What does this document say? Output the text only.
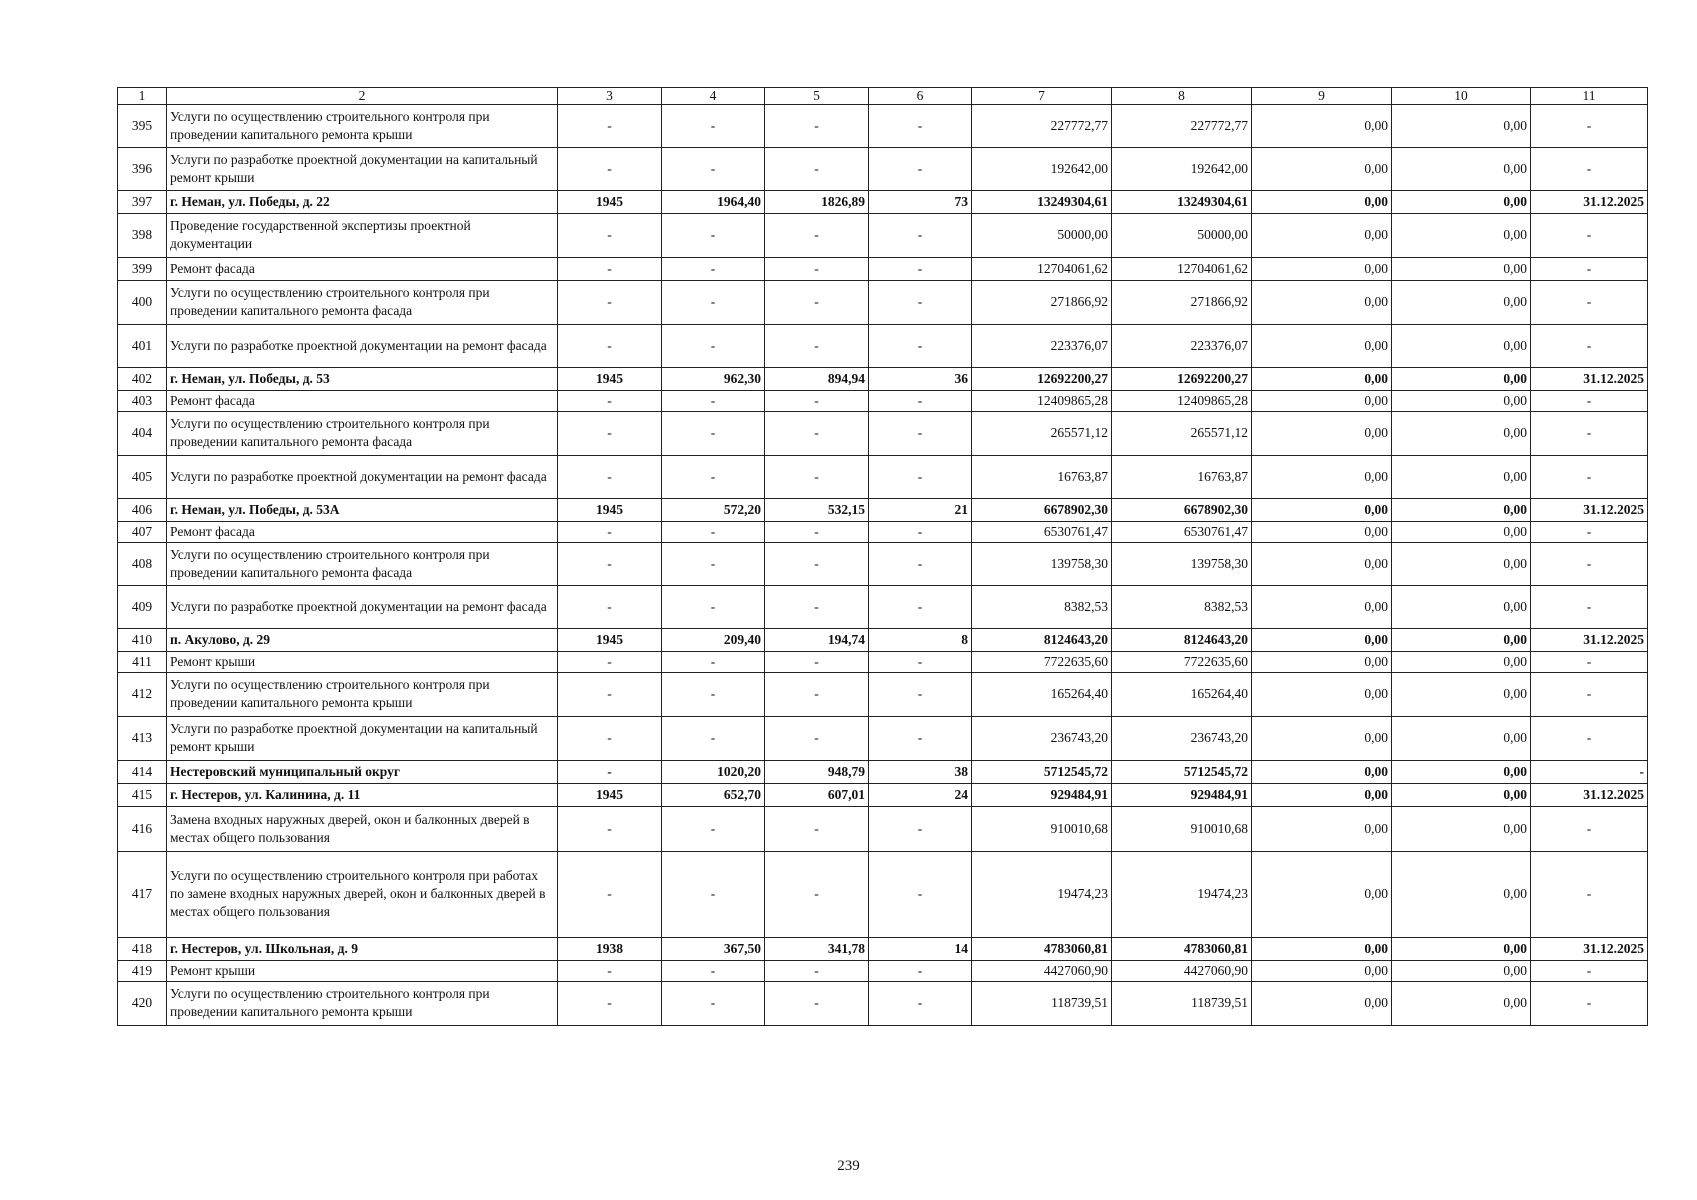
1	2	3	4	5	6	7	8	9	10	11
395	Услуги по осуществлению строительного контроля при проведении капитального ремонта крыши	-	-	-	-	227772,77	227772,77	0,00	0,00	-
396	Услуги по разработке проектной документации на капитальный ремонт крыши	-	-	-	-	192642,00	192642,00	0,00	0,00	-
397	г. Неман, ул. Победы, д. 22	1945	1964,40	1826,89	73	13249304,61	13249304,61	0,00	0,00	31.12.2025
398	Проведение государственной экспертизы проектной документации	-	-	-	-	50000,00	50000,00	0,00	0,00	-
399	Ремонт фасада	-	-	-	-	12704061,62	12704061,62	0,00	0,00	-
400	Услуги по осуществлению строительного контроля при проведении капитального ремонта фасада	-	-	-	-	271866,92	271866,92	0,00	0,00	-
401	Услуги по разработке проектной документации на ремонт фасада	-	-	-	-	223376,07	223376,07	0,00	0,00	-
402	г. Неман, ул. Победы, д. 53	1945	962,30	894,94	36	12692200,27	12692200,27	0,00	0,00	31.12.2025
403	Ремонт фасада	-	-	-	-	12409865,28	12409865,28	0,00	0,00	-
404	Услуги по осуществлению строительного контроля при проведении капитального ремонта фасада	-	-	-	-	265571,12	265571,12	0,00	0,00	-
405	Услуги по разработке проектной документации на ремонт фасада	-	-	-	-	16763,87	16763,87	0,00	0,00	-
406	г. Неман, ул. Победы, д. 53А	1945	572,20	532,15	21	6678902,30	6678902,30	0,00	0,00	31.12.2025
407	Ремонт фасада	-	-	-	-	6530761,47	6530761,47	0,00	0,00	-
408	Услуги по осуществлению строительного контроля при проведении капитального ремонта фасада	-	-	-	-	139758,30	139758,30	0,00	0,00	-
409	Услуги по разработке проектной документации на ремонт фасада	-	-	-	-	8382,53	8382,53	0,00	0,00	-
410	п. Акулово, д. 29	1945	209,40	194,74	8	8124643,20	8124643,20	0,00	0,00	31.12.2025
411	Ремонт крыши	-	-	-	-	7722635,60	7722635,60	0,00	0,00	-
412	Услуги по осуществлению строительного контроля при проведении капитального ремонта крыши	-	-	-	-	165264,40	165264,40	0,00	0,00	-
413	Услуги по разработке проектной документации на капитальный ремонт крыши	-	-	-	-	236743,20	236743,20	0,00	0,00	-
414	Нестеровский муниципальный округ	-	1020,20	948,79	38	5712545,72	5712545,72	0,00	0,00	-
415	г. Нестеров, ул. Калинина, д. 11	1945	652,70	607,01	24	929484,91	929484,91	0,00	0,00	31.12.2025
416	Замена входных наружных дверей, окон и балконных дверей в местах общего пользования	-	-	-	-	910010,68	910010,68	0,00	0,00	-
417	Услуги по осуществлению строительного контроля при работах по замене входных наружных дверей, окон и балконных дверей в местах общего пользования	-	-	-	-	19474,23	19474,23	0,00	0,00	-
418	г. Нестеров, ул. Школьная, д. 9	1938	367,50	341,78	14	4783060,81	4783060,81	0,00	0,00	31.12.2025
419	Ремонт крыши	-	-	-	-	4427060,90	4427060,90	0,00	0,00	-
420	Услуги по осуществлению строительного контроля при проведении капитального ремонта крыши	-	-	-	-	118739,51	118739,51	0,00	0,00	-
239
